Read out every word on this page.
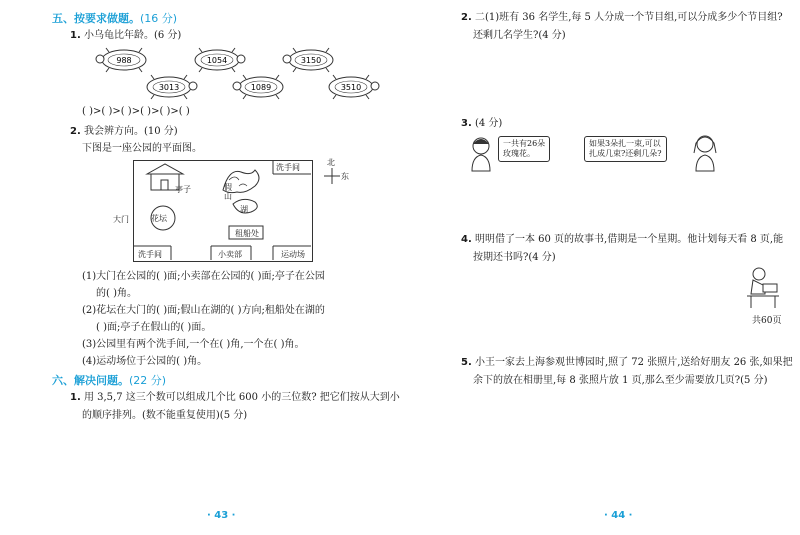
五、按要求做题。(16 分)
1. 小乌龟比年龄。(6 分)
988	1054	3150
3013	1089	3510
( )>( )>( )>( )>( )>( )
2. 我会辨方向。(10 分)
下图是一座公园的平面图。
洗手间
亭子	假山
湖
花坛
租船处
大门
洗手间	小卖部	运动场
北
东
(1)大门在公园的( )面;小卖部在公园的( )面;亭子在公园
的( )角。
(2)花坛在大门的( )面;假山在湖的( )方向;租船处在湖的
( )面;亭子在假山的( )面。
(3)公园里有两个洗手间,一个在( )角,一个在( )角。
(4)运动场位于公园的( )角。
六、解决问题。(22 分)
1. 用 3,5,7 这三个数可以组成几个比 600 小的三位数? 把它们按从大到小
的顺序排列。(数不能重复使用)(5 分)
· 43 ·
2. 二(1)班有 36 名学生,每 5 人分成一个节目组,可以分成多少个节目组?
还剩几名学生?(4 分)
3. (4 分)
一共有26朵
玫瑰花。
如果3朵扎一束,可以
扎成几束?还剩几朵?
4. 明明借了一本 60 页的故事书,借期是一个星期。他计划每天看 8 页,能
按期还书吗?(4 分)
共60页
5. 小王一家去上海参观世博园时,照了 72 张照片,送给好朋友 26 张,如果把
余下的放在相册里,每 8 张照片放 1 页,那么至少需要放几页?(5 分)
· 44 ·
